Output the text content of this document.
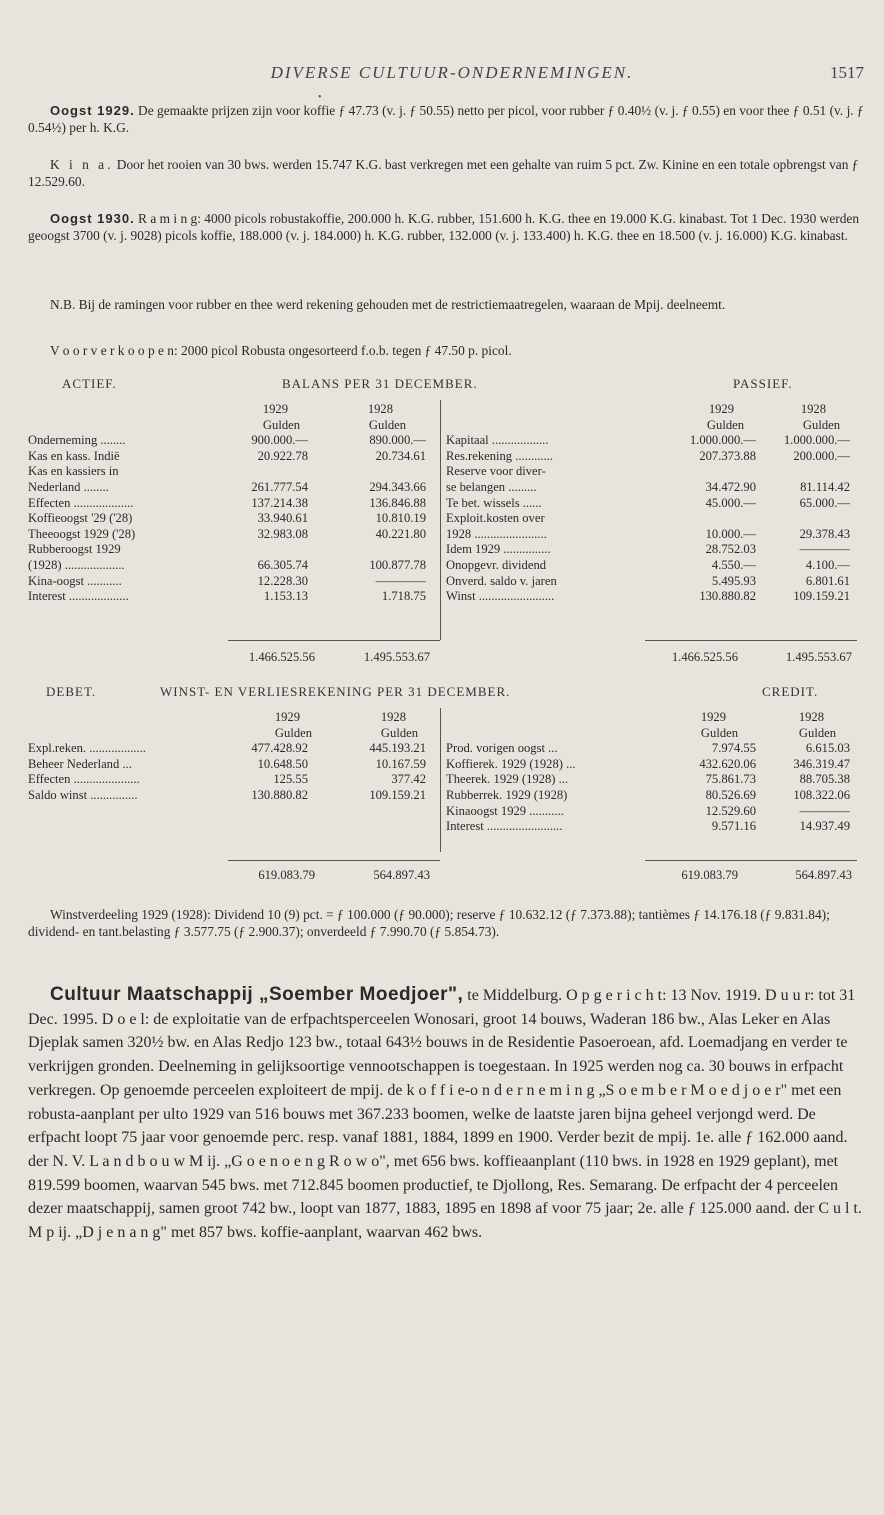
DIVERSE CULTUUR-ONDERNEMINGEN.	1517
•

Oogst 1929. De gemaakte prijzen zijn voor koffie ƒ 47.73 (v. j. ƒ 50.55) netto per picol, voor rubber ƒ 0.40½ (v. j. ƒ 0.55) en voor thee ƒ 0.51 (v. j. ƒ 0.54½) per h. K.G.

K i n a. Door het rooien van 30 bws. werden 15.747 K.G. bast verkregen met een gehalte van ruim 5 pct. Zw. Kinine en een totale opbrengst van ƒ 12.529.60.

Oogst 1930. R a m i n g: 4000 picols robustakoffie, 200.000 h. K.G. rubber, 151.600 h. K.G. thee en 19.000 K.G. kinabast. Tot 1 Dec. 1930 werden geoogst 3700 (v. j. 9028) picols koffie, 188.000 (v. j. 184.000) h. K.G. rubber, 132.000 (v. j. 133.400) h. K.G. thee en 18.500 (v. j. 16.000) K.G. kinabast.

N.B. Bij de ramingen voor rubber en thee werd rekening gehouden met de restrictiemaatregelen, waaraan de Mpij. deelneemt.

V o o r v e r k o o p e n: 2000 picol Robusta ongesorteerd f.o.b. tegen ƒ 47.50 p. picol.

ACTIEF.	BALANS PER 31 DECEMBER.	PASSIEF.
1929	1928
Gulden	Gulden
Onderneming ........	900.000.—	890.000.—
Kas en kass. Indië	20.922.78	20.734.61
Kas en kassiers in
Nederland ........	261.777.54	294.343.66
Effecten ...................	137.214.38	136.846.88
Koffieoogst '29 ('28)	33.940.61	10.810.19
Theeoogst 1929 ('28)	32.983.08	40.221.80
Rubberoogst 1929
(1928) ...................	66.305.74	100.877.78
Kina-oogst ...........	12.228.30	————
Interest ...................	1.153.13	1.718.75
1929	1928
Gulden	Gulden
Kapitaal ..................	1.000.000.— 1.000.000.—
Res.rekening ............	207.373.88	200.000.—
Reserve voor diver-
se belangen .........	34.472.90	81.114.42
Te bet. wissels ......	45.000.—	65.000.—
Exploit.kosten over
1928 .......................	10.000.—	29.378.43
Idem 1929 ...............	28.752.03	————
Onopgevr. dividend	4.550.—	4.100.—
Onverd. saldo v. jaren	5.495.93	6.801.61
Winst ........................	130.880.82	109.159.21
1.466.525.56	1.495.553.67	1.466.525.56	1.495.553.67
DEBET.	WINST- EN VERLIESREKENING PER 31 DECEMBER.	CREDIT.
1929	1928
Gulden	Gulden
Expl.reken. ..................	477.428.92	445.193.21
Beheer Nederland ...	10.648.50	10.167.59
Effecten .....................	125.55	377.42
Saldo winst ...............	130.880.82	109.159.21
1929	1928
Gulden	Gulden
Prod. vorigen oogst ...	7.974.55	6.615.03
Koffierek. 1929 (1928) ...	432.620.06	346.319.47
Theerek. 1929 (1928) ...	75.861.73	88.705.38
Rubberrek. 1929 (1928)	80.526.69	108.322.06
Kinaoogst 1929 ...........	12.529.60	————
Interest ........................	9.571.16	14.937.49
619.083.79	564.897.43	619.083.79	564.897.43

Winstverdeeling 1929 (1928): Dividend 10 (9) pct. = ƒ 100.000 (ƒ 90.000); reserve ƒ 10.632.12 (ƒ 7.373.88); tantièmes ƒ 14.176.18 (ƒ 9.831.84); dividend- en tant.belasting ƒ 3.577.75 (ƒ 2.900.37); onverdeeld ƒ 7.990.70 (ƒ 5.854.73).

Cultuur Maatschappij „Soember Moedjoer", te Middelburg. O p g e r i c h t: 13 Nov. 1919. D u u r: tot 31 Dec. 1995. D o e l: de exploitatie van de erfpachtsperceelen Wonosari, groot 14 bouws, Waderan 186 bw., Alas Leker en Alas Djeplak samen 320½ bw. en Alas Redjo 123 bw., totaal 643½ bouws in de Residentie Pasoeroean, afd. Loemadjang en verder te verkrijgen gronden. Deelneming in gelijksoortige vennootschappen is toegestaan. In 1925 werden nog ca. 30 bouws in erfpacht verkregen. Op genoemde perceelen exploiteert de mpij. de k o f f i e-o n d e r n e m i n g „S o e m b e r M o e d j o e r" met een robusta-aanplant per ulto 1929 van 516 bouws met 367.233 boomen, welke de laatste jaren bijna geheel verjongd werd. De erfpacht loopt 75 jaar voor genoemde perc. resp. vanaf 1881, 1884, 1899 en 1900. Verder bezit de mpij. 1e. alle ƒ 162.000 aand. der N. V. L a n d b o u w M ij. „G o e n o e n g R o w o", met 656 bws. koffieaanplant (110 bws. in 1928 en 1929 geplant), met 819.599 boomen, waarvan 545 bws. met 712.845 boomen productief, te Djollong, Res. Semarang. De erfpacht der 4 perceelen dezer maatschappij, samen groot 742 bw., loopt van 1877, 1883, 1895 en 1898 af voor 75 jaar; 2e. alle ƒ 125.000 aand. der C u l t. M p ij. „D j e n a n g" met 857 bws. koffie-aanplant, waarvan 462 bws.
